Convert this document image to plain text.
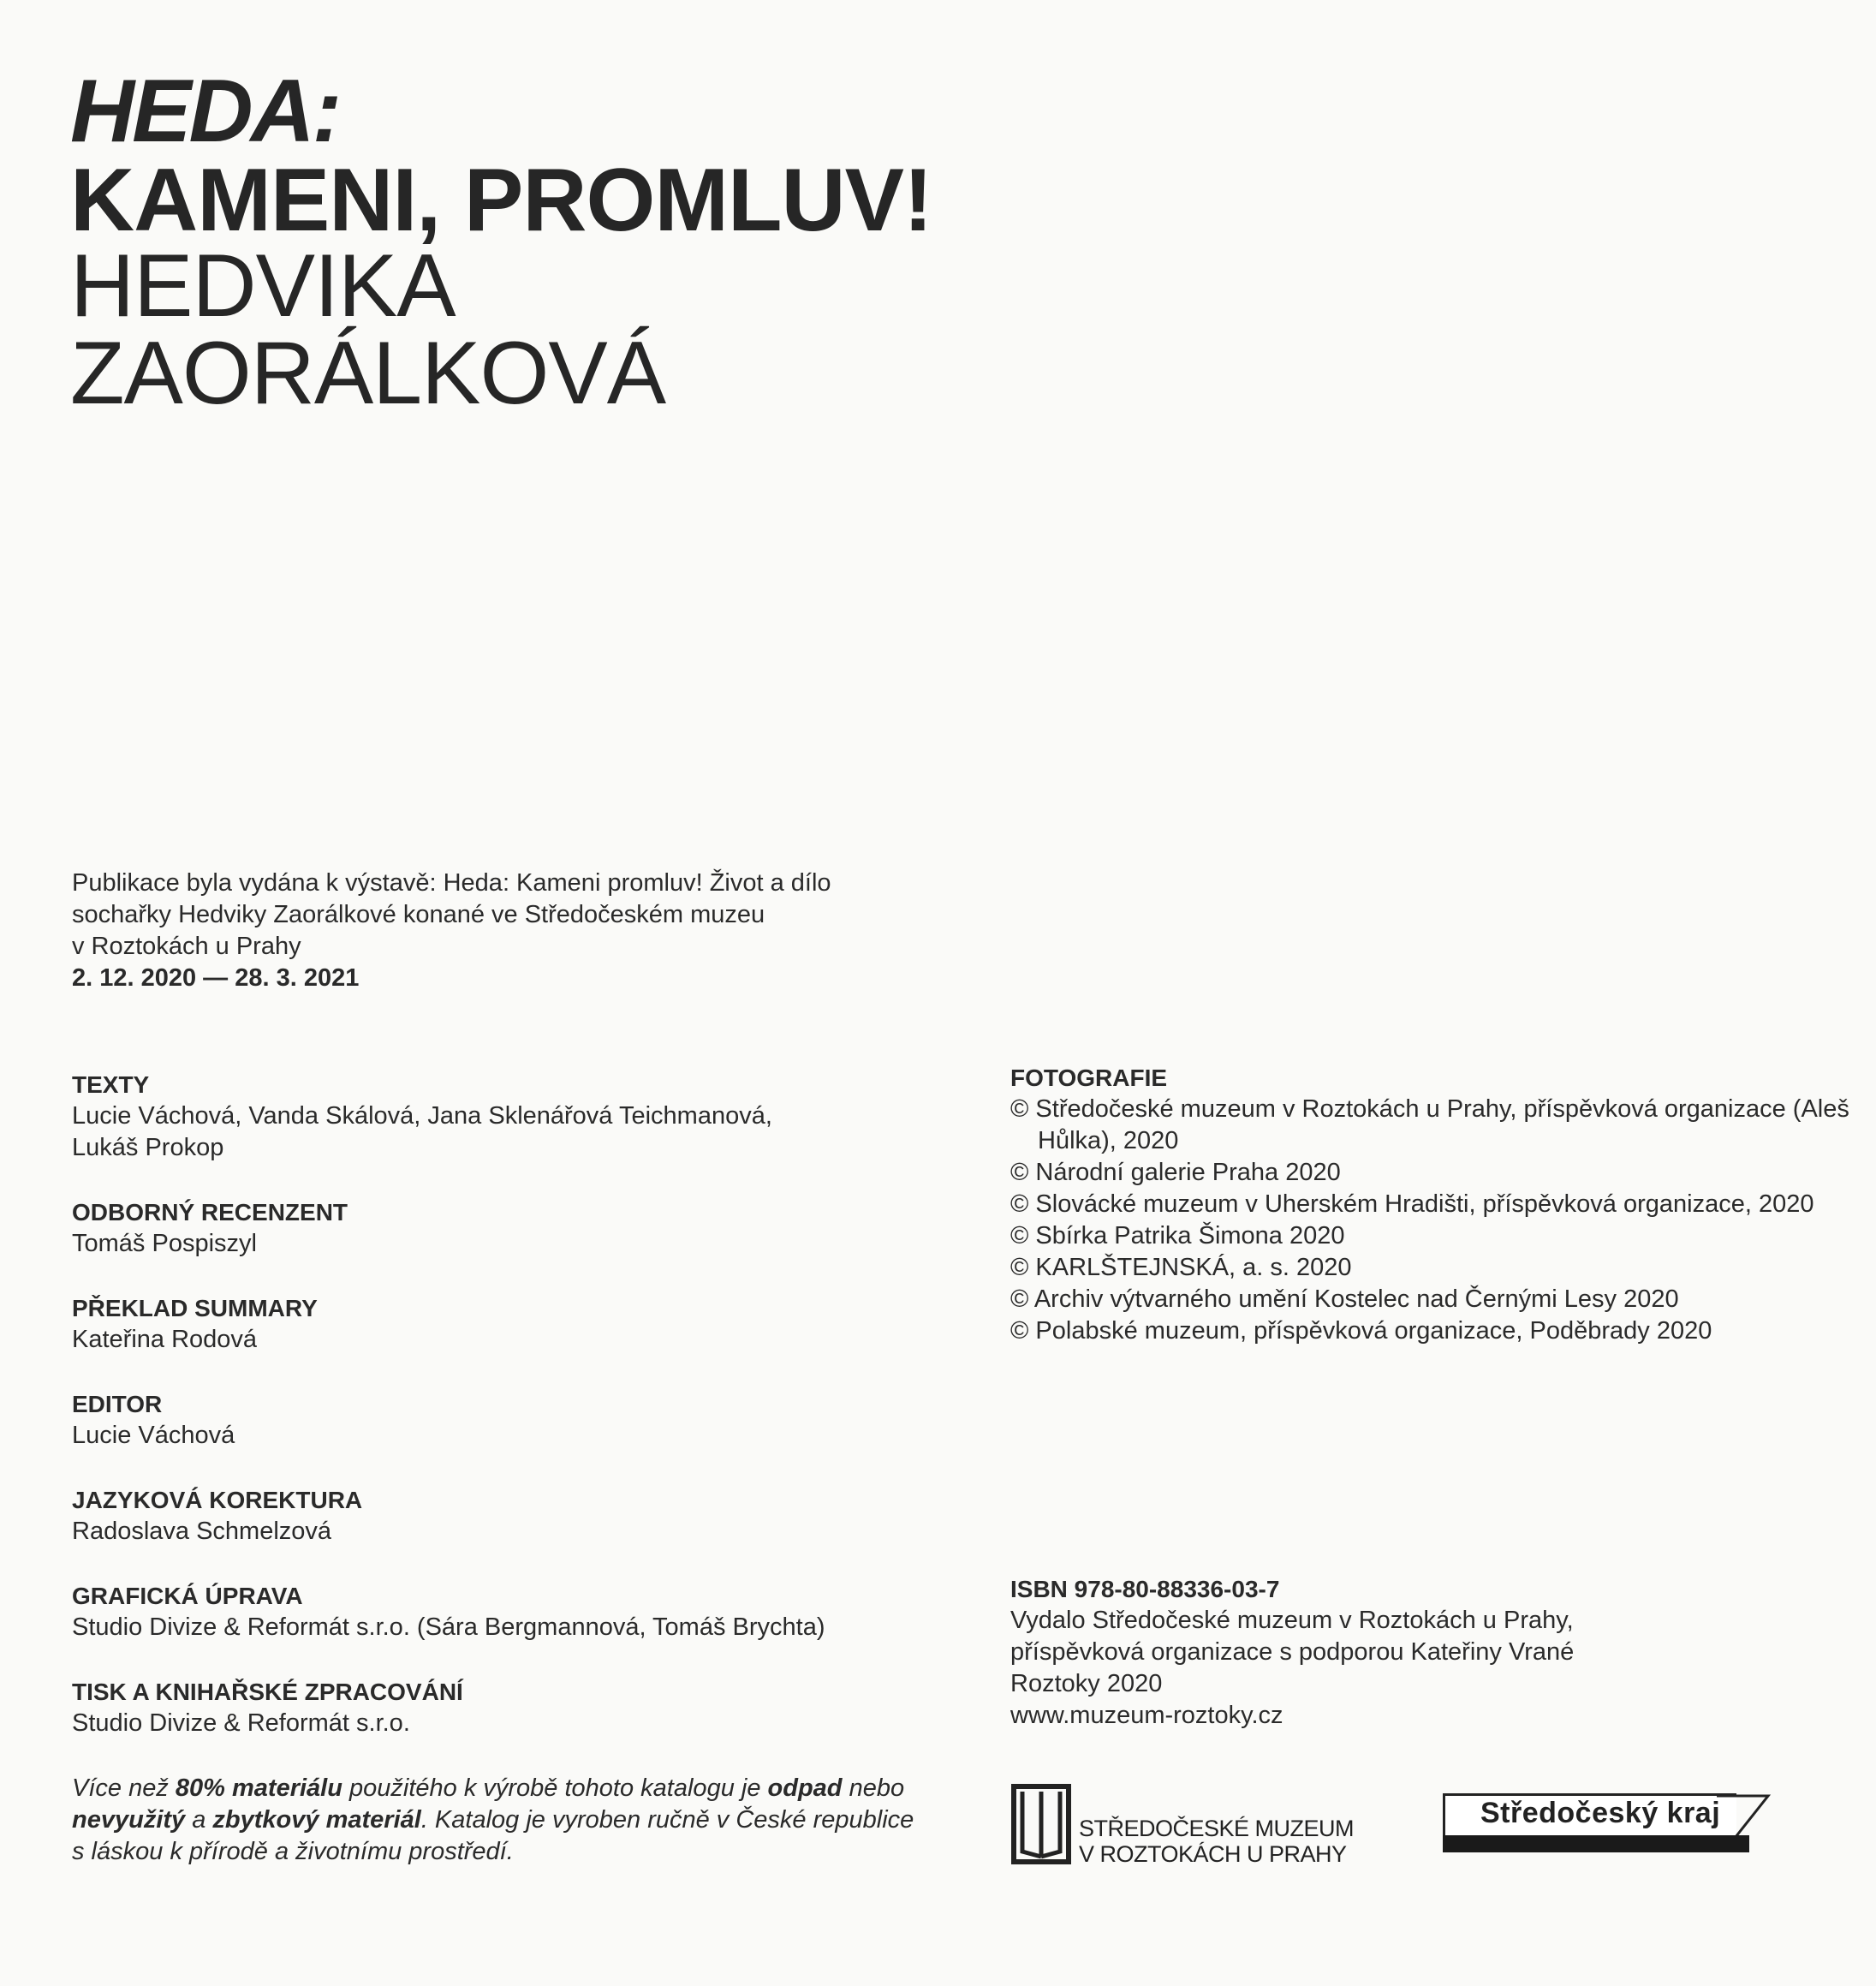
HEDA:
KAMENI, PROMLUV!
HEDVIKA
ZAORÁLKOVÁ
Publikace byla vydána k výstavě: Heda: Kameni promluv! Život a dílo
sochařky Hedviky Zaorálkové konané ve Středočeském muzeu
v Roztokách u Prahy
2. 12. 2020 — 28. 3. 2021
TEXTY
Lucie Váchová, Vanda Skálová, Jana Sklenářová Teichmanová,
Lukáš Prokop
ODBORNÝ RECENZENT
Tomáš Pospiszyl
PŘEKLAD SUMMARY
Kateřina Rodová
EDITOR
Lucie Váchová
JAZYKOVÁ KOREKTURA
Radoslava Schmelzová
GRAFICKÁ ÚPRAVA
Studio Divize & Reformát s.r.o. (Sára Bergmannová, Tomáš Brychta)
TISK A KNIHAŘSKÉ ZPRACOVÁNÍ
Studio Divize & Reformát s.r.o.
FOTOGRAFIE
© Středočeské muzeum v Roztokách u Prahy, příspěvková organizace (Aleš Hůlka), 2020
© Národní galerie Praha 2020
© Slovácké muzeum v Uherském Hradišti, příspěvková organizace, 2020
© Sbírka Patrika Šimona 2020
© KARLŠTEJNSKÁ, a. s. 2020
© Archiv výtvarného umění Kostelec nad Černými Lesy 2020
© Polabské muzeum, příspěvková organizace, Poděbrady 2020
ISBN 978-80-88336-03-7
Vydalo Středočeské muzeum v Roztokách u Prahy,
příspěvková organizace s podporou Kateřiny Vrané
Roztoky 2020
www.muzeum-roztoky.cz
Více než 80% materiálu použitého k výrobě tohoto katalogu je odpad nebo nevyužitý a zbytkový materiál. Katalog je vyroben ručně v České republice s láskou k přírodě a životnímu prostředí.
STŘEDOČESKÉ MUZEUM
V ROZTOKÁCH U PRAHY
Středočeský kraj
